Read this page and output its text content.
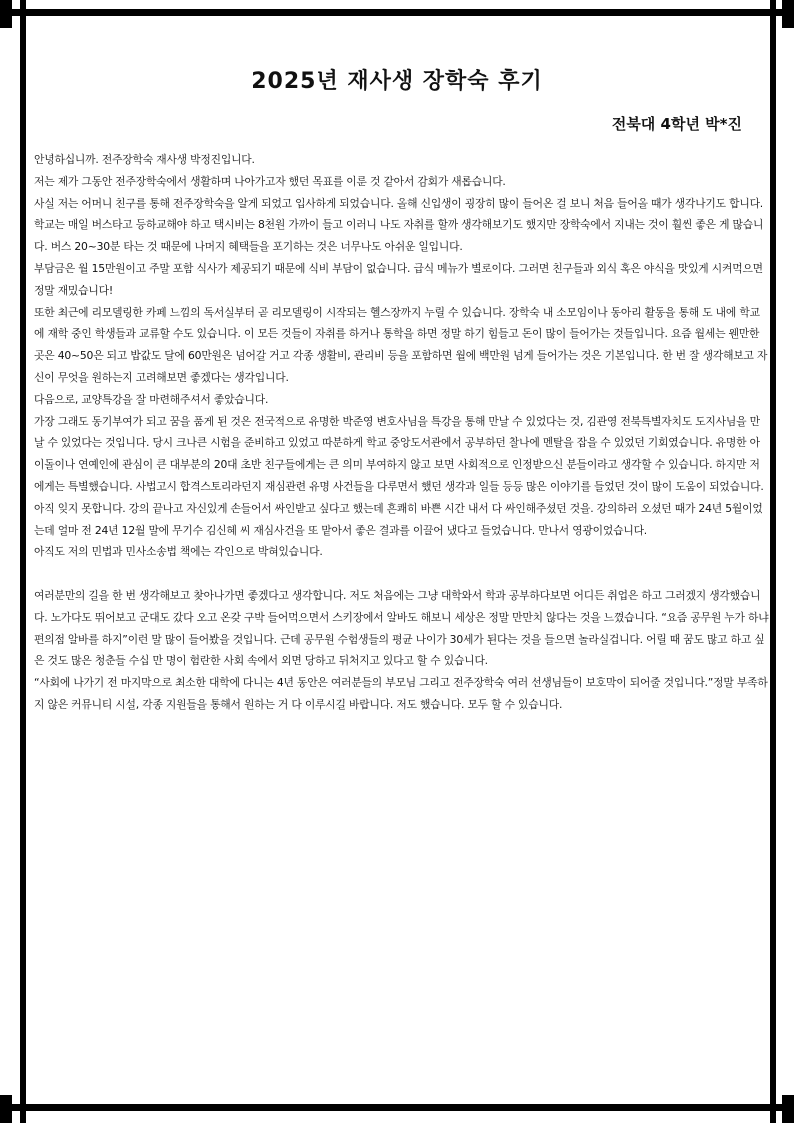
2025년 재사생 장학숙 후기

전북대 4학년 박*진

안녕하십니까. 전주장학숙 재사생 박정진입니다.

저는 제가 그동안 전주장학숙에서 생활하며 나아가고자 했던 목표를 이룬 것 같아서 감회가 새롭습니다.

사실 저는 어머니 친구를 통해 전주장학숙을 알게 되었고 입사하게 되었습니다. 올해 신입생이 굉장히 많이 들어온 걸 보니 처음 들어올 때가 생각나기도 합니다. 학교는 매일 버스타고 등하교해야 하고 택시비는 8천원 가까이 들고 이러니 나도 자취를 할까 생각해보기도 했지만 장학숙에서 지내는 것이 훨씬 좋은 게 많습니다. 버스 20~30분 타는 것 때문에 나머지 혜택들을 포기하는 것은 너무나도 아쉬운 일입니다.

부담금은 월 15만원이고 주말 포함 식사가 제공되기 때문에 식비 부담이 없습니다. 급식 메뉴가 별로이다. 그러면 친구들과 외식 혹은 야식을 맛있게 시켜먹으면 정말 재밌습니다!

또한 최근에 리모델링한 카페 느낌의 독서실부터 곧 리모델링이 시작되는 헬스장까지 누릴 수 있습니다. 장학숙 내 소모임이나 동아리 활동을 통해 도 내에 학교에 재학 중인 학생들과 교류할 수도 있습니다. 이 모든 것들이 자취를 하거나 통학을 하면 정말 하기 힘들고 돈이 많이 들어가는 것들입니다. 요즘 월세는 웬만한 곳은 40~50은 되고 밥값도 달에 60만원은 넘어갈 거고 각종 생활비, 관리비 등을 포함하면 월에 백만원 넘게 들어가는 것은 기본입니다. 한 번 잘 생각해보고 자신이 무엇을 원하는지 고려해보면 좋겠다는 생각입니다.

다음으로, 교양특강을 잘 마련해주셔서 좋았습니다.

가장 그래도 동기부여가 되고 꿈을 품게 된 것은 전국적으로 유명한 박준영 변호사님을 특강을 통해 만날 수 있었다는 것, 김관영 전북특별자치도 도지사님을 만날 수 있었다는 것입니다. 당시 크나큰 시험을 준비하고 있었고 따분하게 학교 중앙도서관에서 공부하던 찰나에 멘탈을 잡을 수 있었던 기회였습니다. 유명한 아이돌이나 연예인에 관심이 큰 대부분의 20대 초반 친구들에게는 큰 의미 부여하지 않고 보면 사회적으로 인정받으신 분들이라고 생각할 수 있습니다. 하지만 저에게는 특별했습니다. 사법고시 합격스토리라던지 재심관련 유명 사건들을 다루면서 했던 생각과 일들 등등 많은 이야기를 들었던 것이 많이 도움이 되었습니다. 아직 잊지 못합니다. 강의 끝나고 자신있게 손들어서 싸인받고 싶다고 했는데 흔쾌히 바쁜 시간 내서 다 싸인해주셨던 것을. 강의하러 오셨던 때가 24년 5월이었는데 얼마 전 24년 12월 말에 무기수 김신혜 씨 재심사건을 또 맡아서 좋은 결과를 이끌어 냈다고 들었습니다. 만나서 영광이었습니다.

아직도 저의 민법과 민사소송법 책에는 각인으로 박혀있습니다.

여러분만의 길을 한 번 생각해보고 찾아나가면 좋겠다고 생각합니다. 저도 처음에는 그냥 대학와서 학과 공부하다보면 어디든 취업은 하고 그러겠지 생각했습니다. 노가다도 뛰어보고 군대도 갔다 오고 온갖 구박 들어먹으면서 스키장에서 알바도 해보니 세상은 정말 만만치 않다는 것을 느꼈습니다. “요즘 공무원 누가 하냐 편의점 알바를 하지”이런 말 많이 들어봤을 것입니다. 근데 공무원 수험생들의 평균 나이가 30세가 된다는 것을 들으면 놀라실겁니다. 어릴 때 꿈도 많고 하고 싶은 것도 많은 청춘들 수십 만 명이 험란한 사회 속에서 외면 당하고 뒤처지고 있다고 할 수 있습니다.

“사회에 나가기 전 마지막으로 최소한 대학에 다니는 4년 동안은 여러분들의 부모님 그리고 전주장학숙 여러 선생님들이 보호막이 되어줄 것입니다.”정말 부족하지 않은 커뮤니티 시설, 각종 지원들을 통해서 원하는 거 다 이루시길 바랍니다. 저도 했습니다. 모두 할 수 있습니다.
